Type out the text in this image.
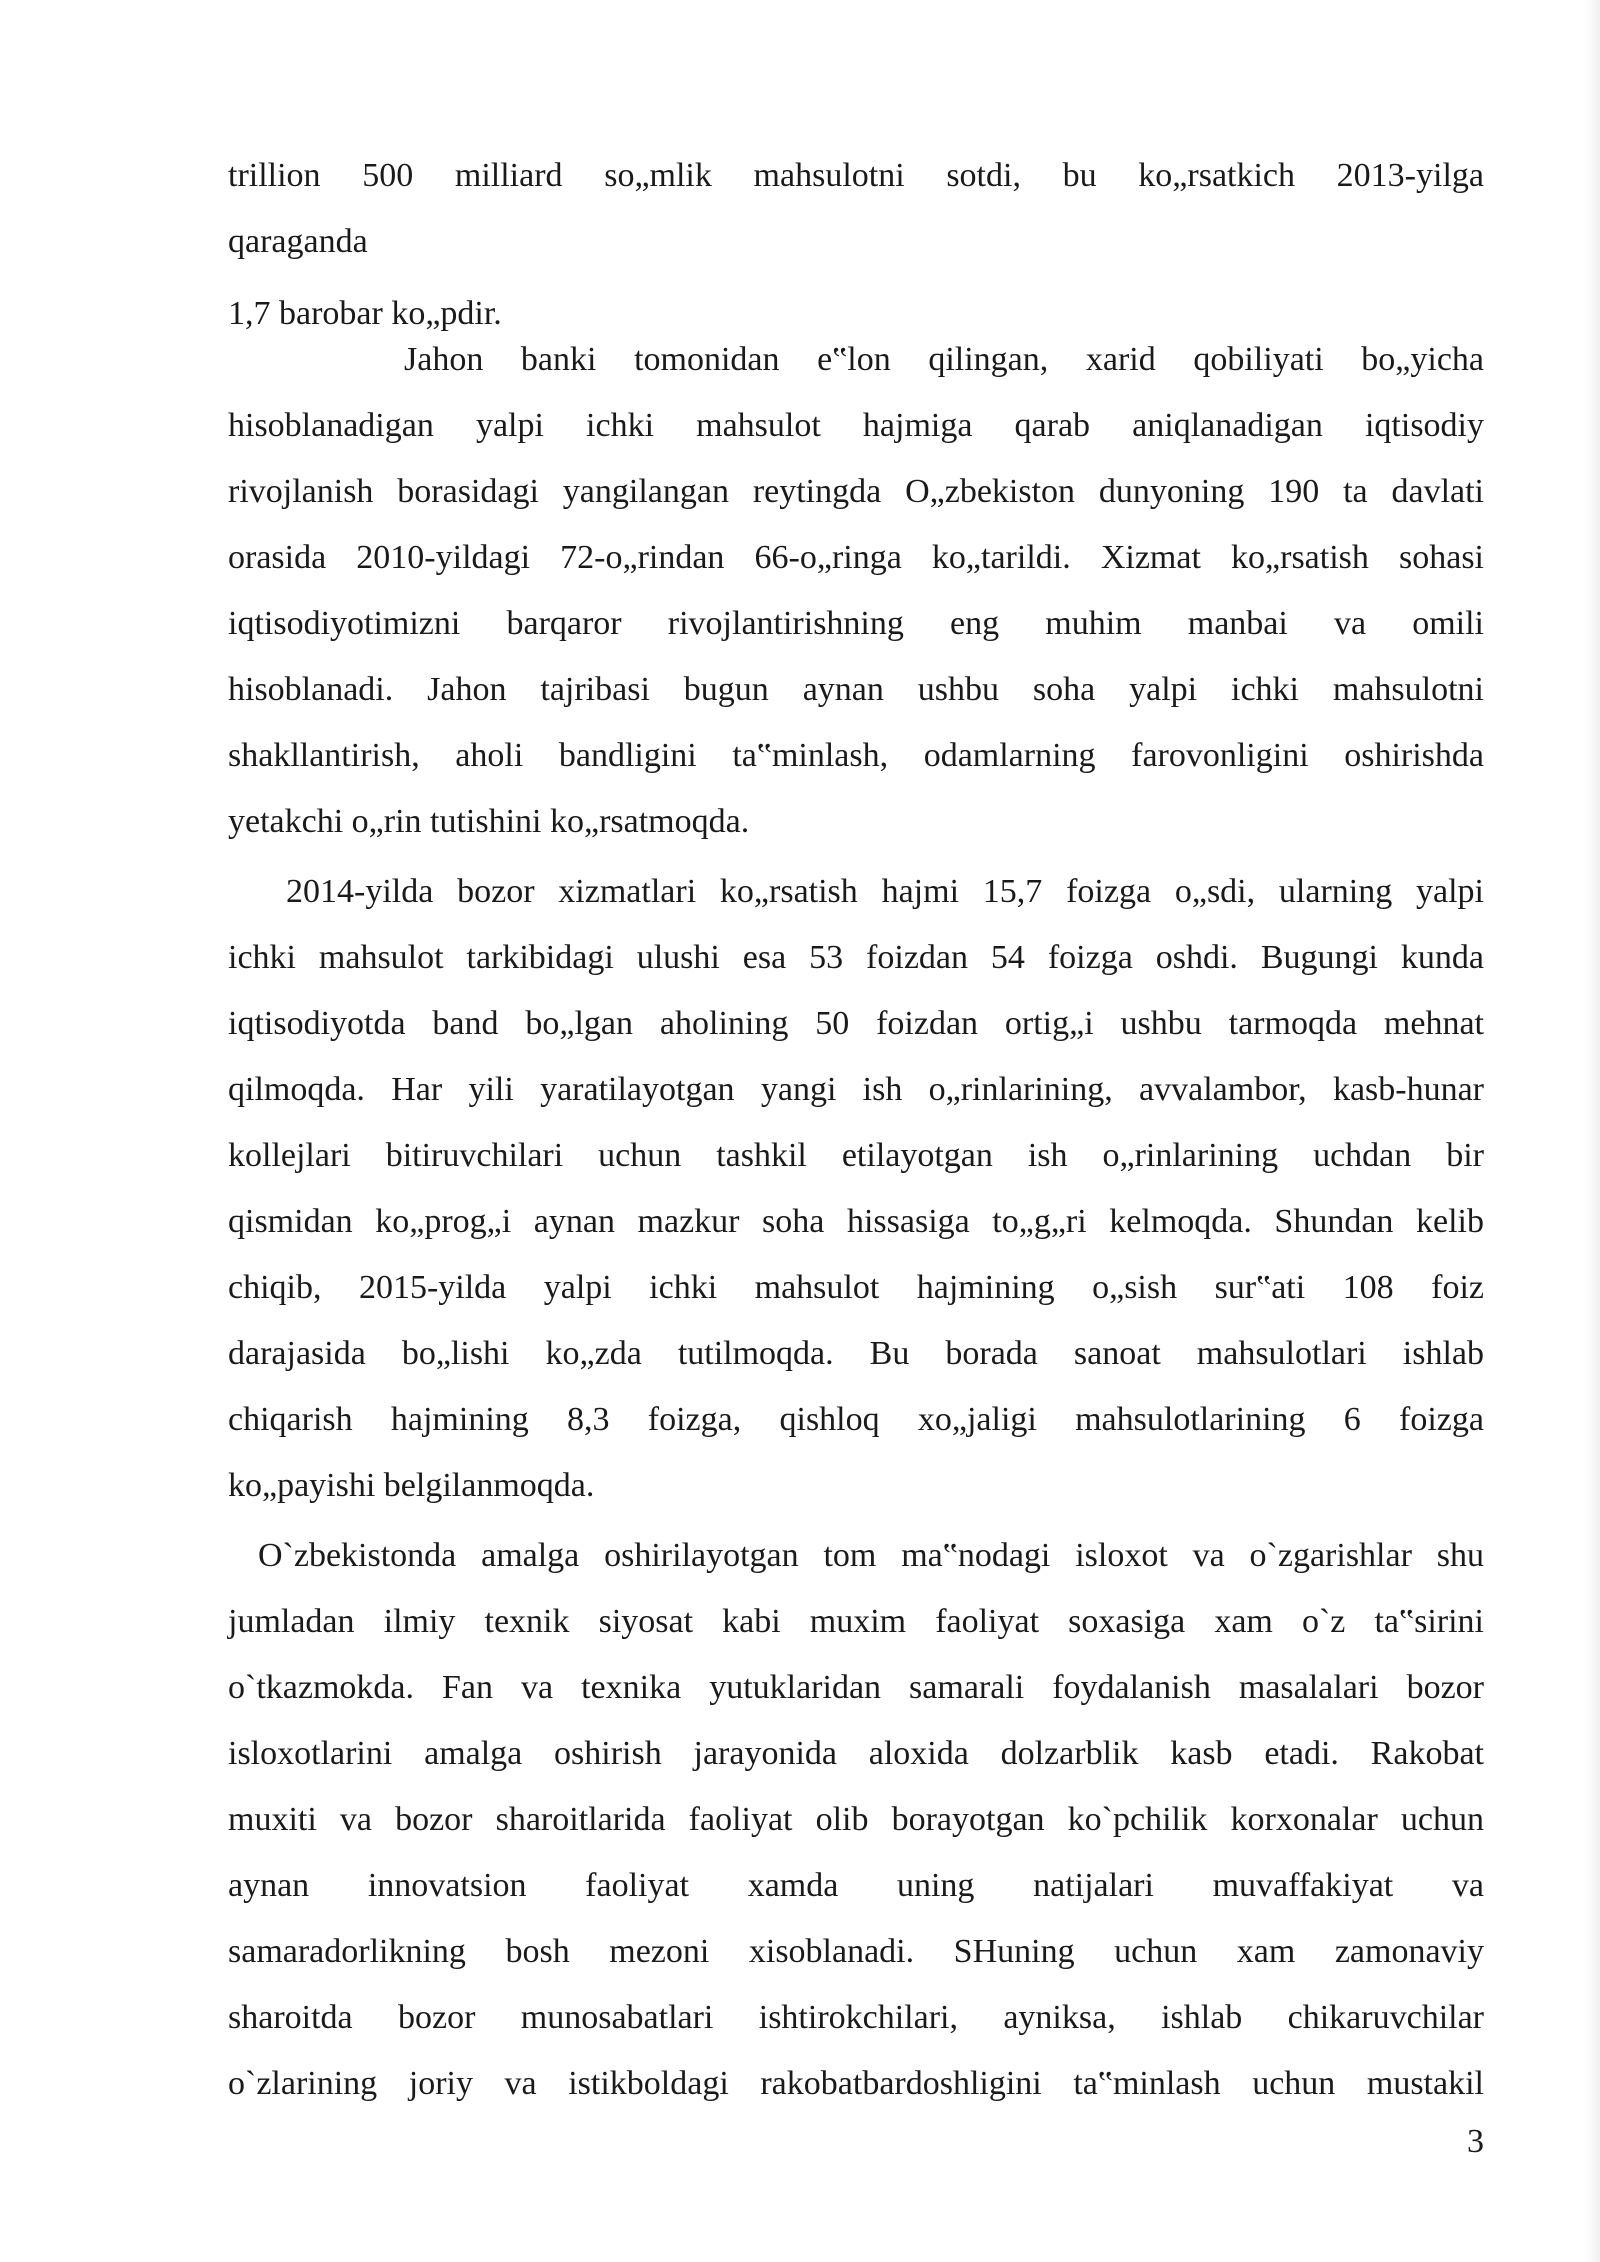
trillion 500 milliard so„mlik mahsulotni sotdi, bu ko„rsatkich 2013-yilga
qaraganda
1,7 barobar ko„pdir.
Jahon banki tomonidan e‟lon qilingan, xarid qobiliyati bo„yicha
hisoblanadigan yalpi ichki mahsulot hajmiga qarab aniqlanadigan iqtisodiy
rivojlanish borasidagi yangilangan reytingda O„zbekiston dunyoning 190 ta davlati
orasida 2010-yildagi 72-o„rindan 66-o„ringa ko„tarildi. Xizmat ko„rsatish sohasi
iqtisodiyotimizni barqaror rivojlantirishning eng muhim manbai va omili
hisoblanadi. Jahon tajribasi bugun aynan ushbu soha yalpi ichki mahsulotni
shakllantirish, aholi bandligini ta‟minlash, odamlarning farovonligini oshirishda
yetakchi o„rin tutishini ko„rsatmoqda.
2014-yilda bozor xizmatlari ko„rsatish hajmi 15,7 foizga o„sdi, ularning yalpi
ichki mahsulot tarkibidagi ulushi esa 53 foizdan 54 foizga oshdi. Bugungi kunda
iqtisodiyotda band bo„lgan aholining 50 foizdan ortig„i ushbu tarmoqda mehnat
qilmoqda. Har yili yaratilayotgan yangi ish o„rinlarining, avvalambor, kasb-hunar
kollejlari bitiruvchilari uchun tashkil etilayotgan ish o„rinlarining uchdan bir
qismidan ko„prog„i aynan mazkur soha hissasiga to„g„ri kelmoqda. Shundan kelib
chiqib, 2015-yilda yalpi ichki mahsulot hajmining o„sish sur‟ati 108 foiz
darajasida bo„lishi ko„zda tutilmoqda. Bu borada sanoat mahsulotlari ishlab
chiqarish hajmining 8,3 foizga, qishloq xo„jaligi mahsulotlarining 6 foizga
ko„payishi belgilanmoqda.
O`zbekistonda amalga oshirilayotgan tom ma‟nodagi isloxot va o`zgarishlar shu
jumladan ilmiy texnik siyosat kabi muxim faoliyat soxasiga xam o`z ta‟sirini
o`tkazmokda. Fan va texnika yutuklaridan samarali foydalanish masalalari bozor
isloxotlarini amalga oshirish jarayonida aloxida dolzarblik kasb etadi. Rakobat
muxiti va bozor sharoitlarida faoliyat olib borayotgan ko`pchilik korxonalar uchun
aynan innovatsion faoliyat xamda uning natijalari muvaffakiyat va
samaradorlikning bosh mezoni xisoblanadi. SHuning uchun xam zamonaviy
sharoitda bozor munosabatlari ishtirokchilari, ayniksa, ishlab chikaruvchilar
o`zlarining joriy va istikboldagi rakobatbardoshligini ta‟minlash uchun mustakil
3
